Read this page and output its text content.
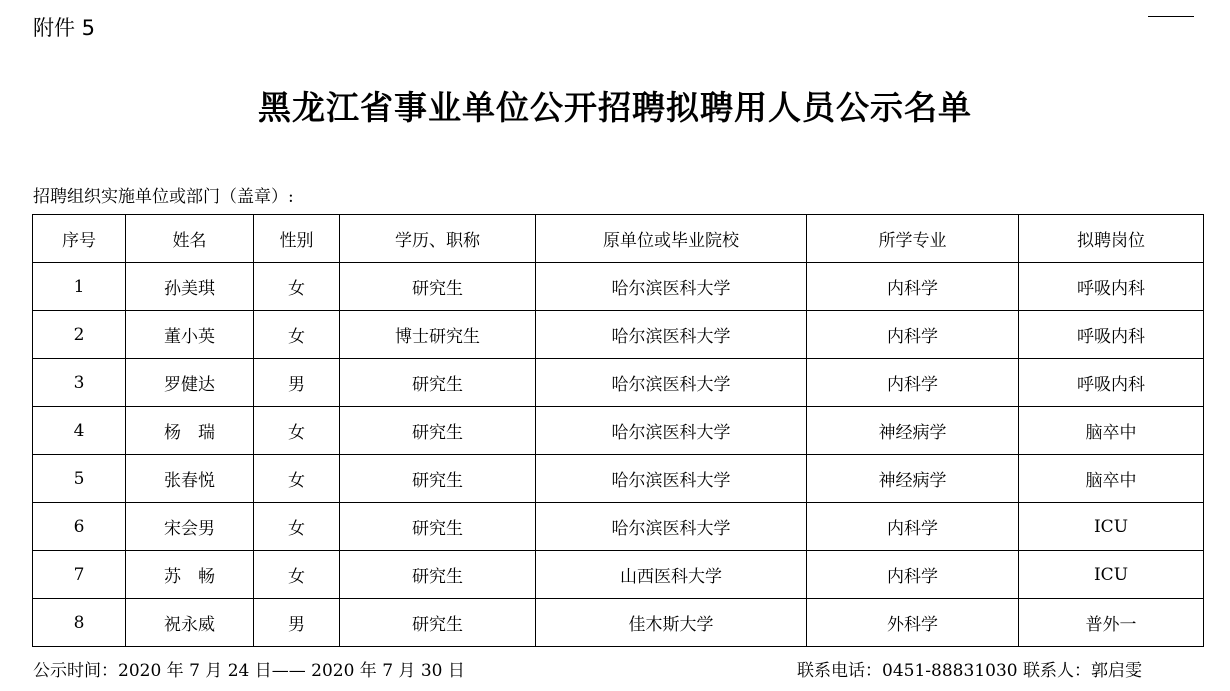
附件 5
黑龙江省事业单位公开招聘拟聘用人员公示名单
招聘组织实施单位或部门（盖章）:
序号	姓名	性别	学历、职称	原单位或毕业院校	所学专业	拟聘岗位
1	孙美琪	女	研究生	哈尔滨医科大学	内科学	呼吸内科
2	董小英	女	博士研究生	哈尔滨医科大学	内科学	呼吸内科
3	罗健达	男	研究生	哈尔滨医科大学	内科学	呼吸内科
4	杨　瑞	女	研究生	哈尔滨医科大学	神经病学	脑卒中
5	张春悦	女	研究生	哈尔滨医科大学	神经病学	脑卒中
6	宋会男	女	研究生	哈尔滨医科大学	内科学	ICU
7	苏　畅	女	研究生	山西医科大学	内科学	ICU
8	祝永威	男	研究生	佳木斯大学	外科学	普外一
公示时间：2020 年 7 月 24 日—— 2020 年 7 月 30 日	联系电话：0451-88831030 联系人：郭启雯
